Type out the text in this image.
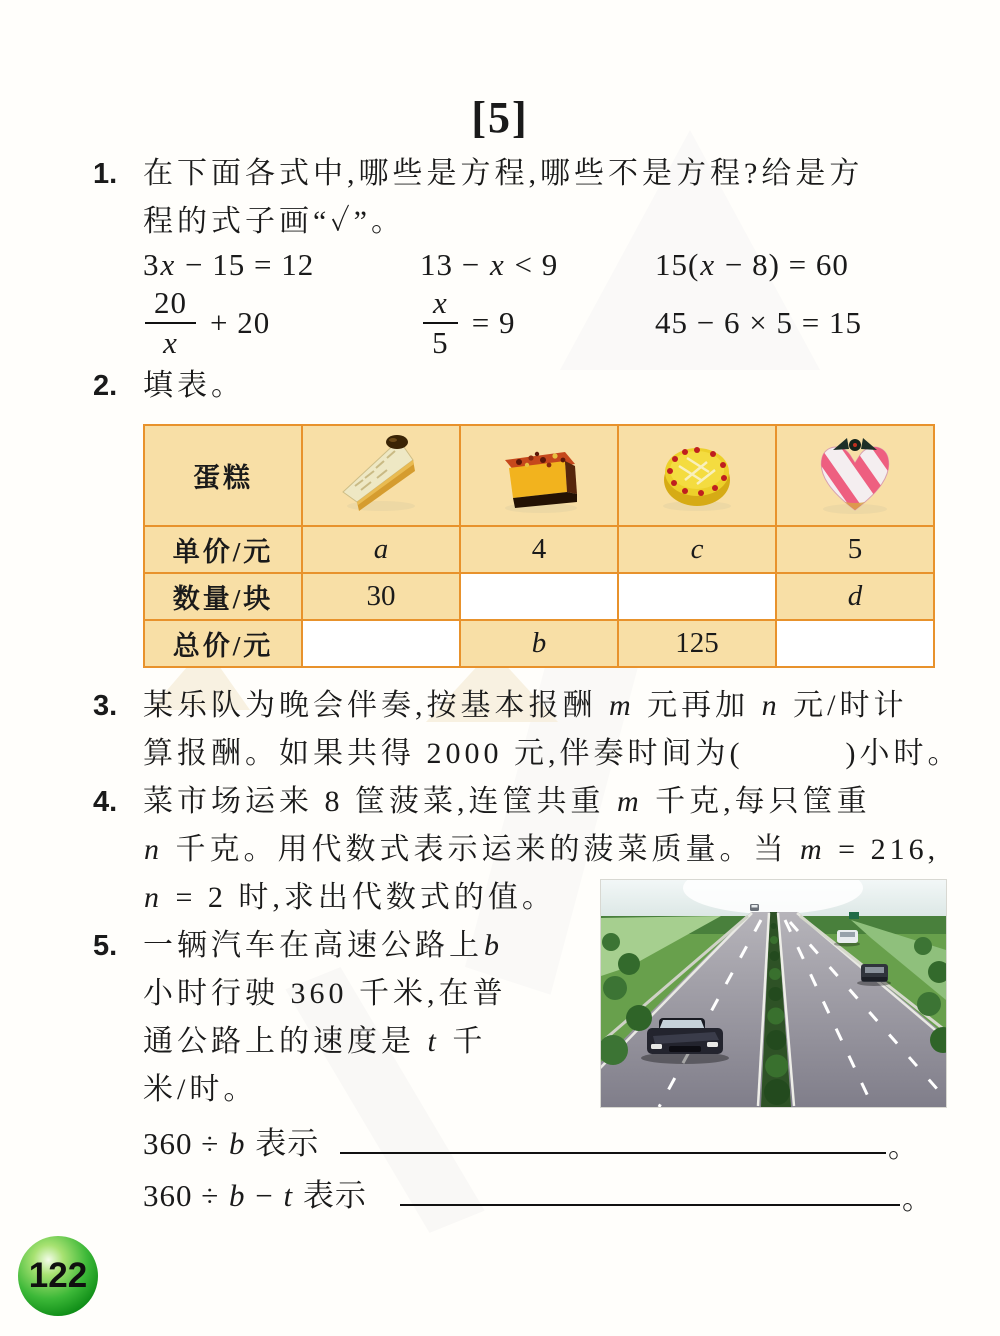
[5]
1. 在下面各式中,哪些是方程,哪些不是方程?给是方
程的式子画“✓”。
3x − 15 = 12	13 − x < 9	15(x − 8) = 60
$\frac{20}{x} + 20$	$\frac{x}{5} = 9$	45 − 6 × 5 = 15
2. 填表。
蛋糕				
单价/元	a	4	c	5
数量/块	30			d
总价/元		b	125	
3. 某乐队为晚会伴奏,按基本报酬 m 元再加 n 元/时计
算报酬。如果共得 2000 元,伴奏时间为(　　　)小时。
4. 菜市场运来 8 筐菠菜,连筐共重 m 千克,每只筐重
n 千克。用代数式表示运来的菠菜质量。当 m = 216,
n = 2 时,求出代数式的值。
5. 一辆汽车在高速公路上b
小时行驶 360 千米,在普
通公路上的速度是 t 千
米/时。
360 ÷ b 表示	。
360 ÷ b − t 表示	。
122
